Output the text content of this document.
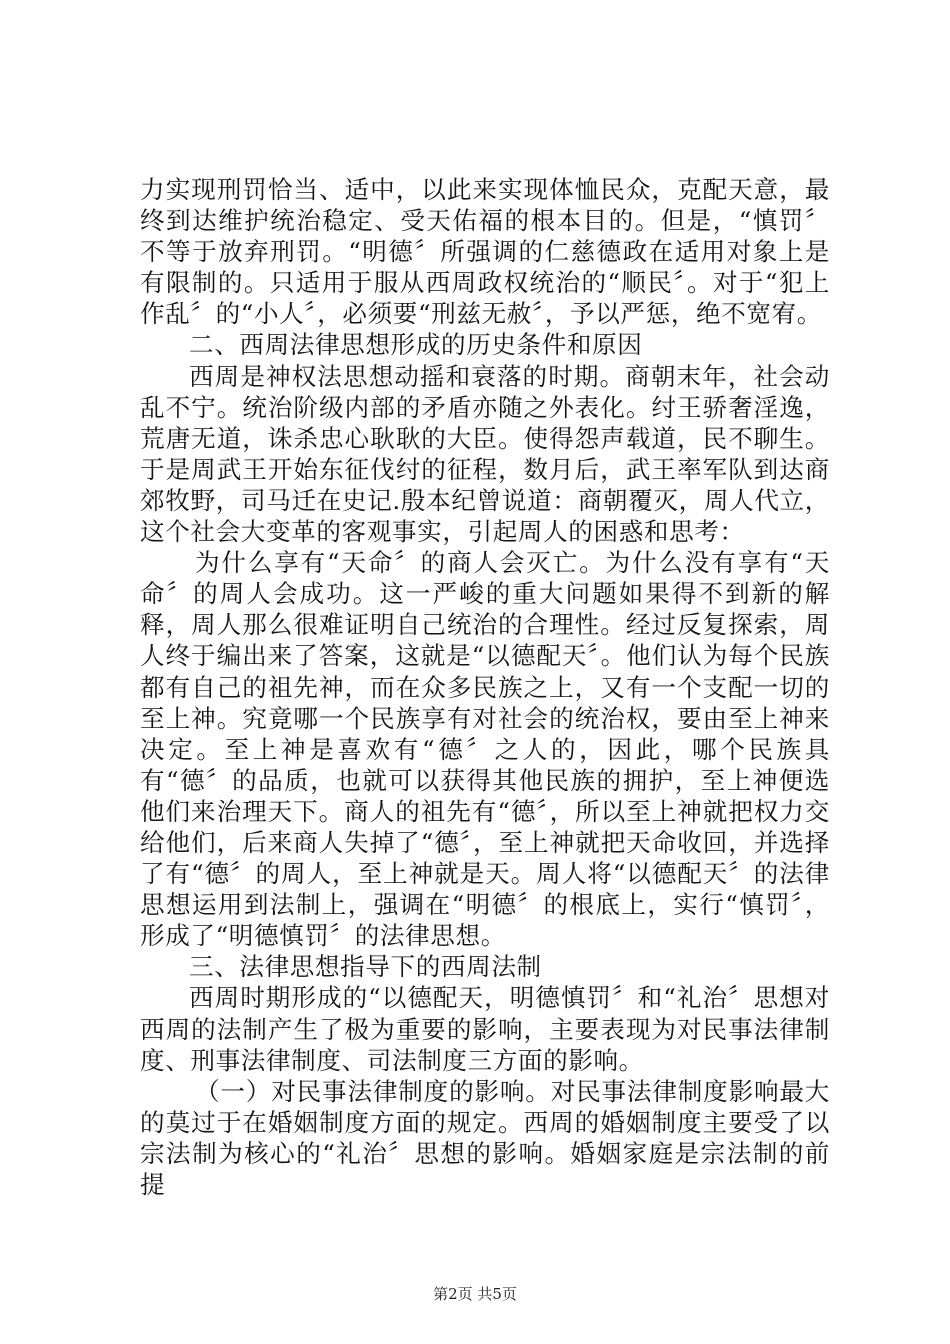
力实现刑罚恰当、适中，以此来实现体恤民众，克配天意，最终到达维护统治稳定、受天佑福的根本目的。但是，“慎罚〞不等于放弃刑罚。“明德〞所强调的仁慈德政在适用对象上是有限制的。只适用于服从西周政权统治的“顺民〞。对于“犯上作乱〞的“小人〞，必须要“刑兹无赦〞，予以严惩，绝不宽宥。

二、西周法律思想形成的历史条件和原因

西周是神权法思想动摇和衰落的时期。商朝末年，社会动乱不宁。统治阶级内部的矛盾亦随之外表化。纣王骄奢淫逸，荒唐无道，诛杀忠心耿耿的大臣。使得怨声载道，民不聊生。于是周武王开始东征伐纣的征程，数月后，武王率军队到达商郊牧野，司马迁在史记.殷本纪曾说道：商朝覆灭，周人代立，这个社会大变革的客观事实，引起周人的困惑和思考：

为什么享有“天命〞的商人会灭亡。为什么没有享有“天命〞的周人会成功。这一严峻的重大问题如果得不到新的解释，周人那么很难证明自己统治的合理性。经过反复探索，周人终于编出来了答案，这就是“以德配天〞。他们认为每个民族都有自己的祖先神，而在众多民族之上，又有一个支配一切的至上神。究竟哪一个民族享有对社会的统治权，要由至上神来决定。至上神是喜欢有“德〞之人的，因此，哪个民族具有“德〞的品质，也就可以获得其他民族的拥护，至上神便选他们来治理天下。商人的祖先有“德〞，所以至上神就把权力交给他们，后来商人失掉了“德〞，至上神就把天命收回，并选择了有“德〞的周人，至上神就是天。周人将“以德配天〞的法律思想运用到法制上，强调在“明德〞的根底上，实行“慎罚〞，形成了“明德慎罚〞的法律思想。

三、法律思想指导下的西周法制

西周时期形成的“以德配天，明德慎罚〞和“礼治〞思想对西周的法制产生了极为重要的影响，主要表现为对民事法律制度、刑事法律制度、司法制度三方面的影响。

（一）对民事法律制度的影响。对民事法律制度影响最大的莫过于在婚姻制度方面的规定。西周的婚姻制度主要受了以宗法制为核心的“礼治〞思想的影响。婚姻家庭是宗法制的前提

第2页 共5页
